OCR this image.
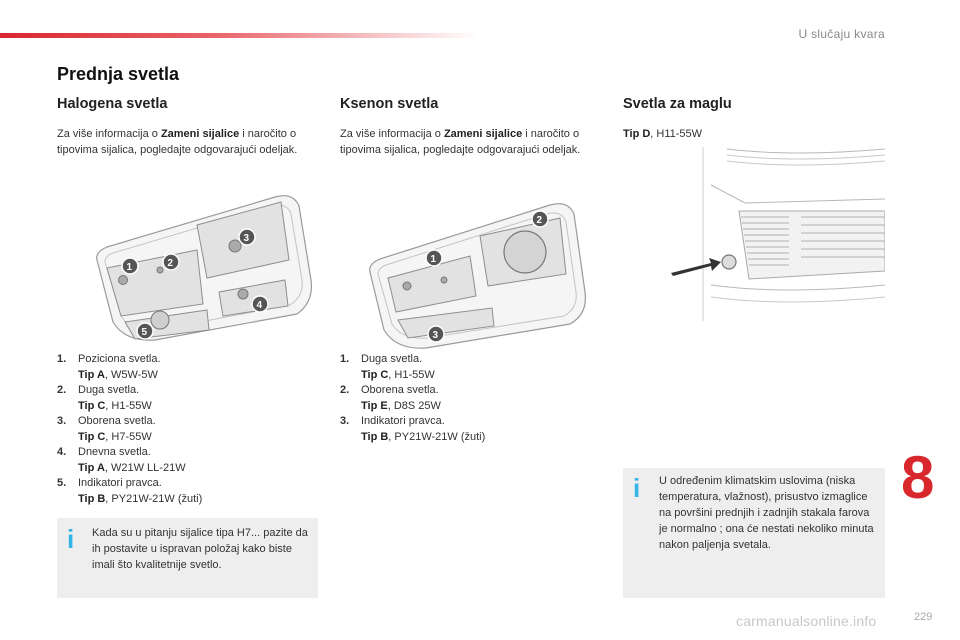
U slučaju kvara
Prednja svetla
Halogena svetla
Za više informacija o Zameni sijalice i naročito o tipovima sijalica, pogledajte odgovarajući odeljak.
1	2
3
4
5
1. Poziciona svetla.
Tip A, W5W-5W
2. Duga svetla.
Tip C, H1-55W
3. Oborena svetla.
Tip C, H7-55W
4. Dnevna svetla.
Tip A, W21W LL-21W
5. Indikatori pravca.
Tip B, PY21W-21W (žuti)
i Kada su u pitanju sijalice tipa H7... pazite da ih postavite u ispravan položaj kako biste imali što kvalitetnije svetlo.
Ksenon svetla
Za više informacija o Zameni sijalice i naročito o tipovima sijalica, pogledajte odgovarajući odeljak.
1
2
3
1. Duga svetla.
Tip C, H1-55W
2. Oborena svetla.
Tip E, D8S 25W
3. Indikatori pravca.
Tip B, PY21W-21W (žuti)
Svetla za maglu
Tip D, H11-55W
i U određenim klimatskim uslovima (niska temperatura, vlažnost), prisustvo izmaglice na površini prednjih i zadnjih stakala farova je normalno ; ona će nestati nekoliko minuta nakon paljenja svetala.
8
carmanualsonline.info	229
